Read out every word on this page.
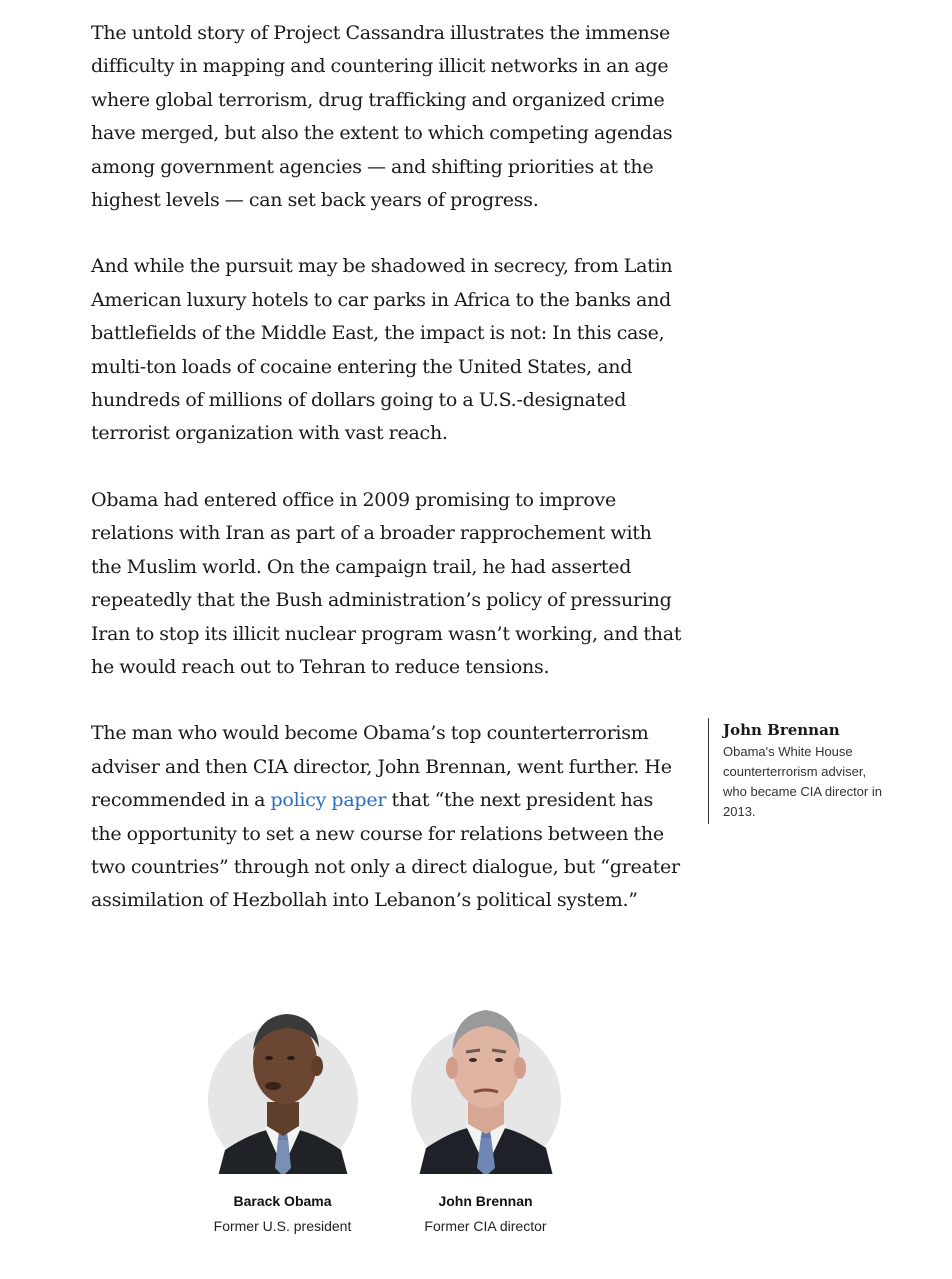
The untold story of Project Cassandra illustrates the immense
difficulty in mapping and countering illicit networks in an age
where global terrorism, drug trafficking and organized crime
have merged, but also the extent to which competing agendas
among government agencies — and shifting priorities at the
highest levels — can set back years of progress.

And while the pursuit may be shadowed in secrecy, from Latin
American luxury hotels to car parks in Africa to the banks and
battlefields of the Middle East, the impact is not: In this case,
multi-ton loads of cocaine entering the United States, and
hundreds of millions of dollars going to a U.S.-designated
terrorist organization with vast reach.

Obama had entered office in 2009 promising to improve
relations with Iran as part of a broader rapprochement with
the Muslim world. On the campaign trail, he had asserted
repeatedly that the Bush administration’s policy of pressuring
Iran to stop its illicit nuclear program wasn’t working, and that
he would reach out to Tehran to reduce tensions.

The man who would become Obama’s top counterterrorism
adviser and then CIA director, John Brennan, went further. He
recommended in a policy paper that “the next president has
the opportunity to set a new course for relations between the
two countries” through not only a direct dialogue, but “greater
assimilation of Hezbollah into Lebanon’s political system.”

John Brennan
Obama's White House
counterterrorism adviser,
who became CIA director in
2013.
Barack Obama
Former U.S. president
John Brennan
Former CIA director
